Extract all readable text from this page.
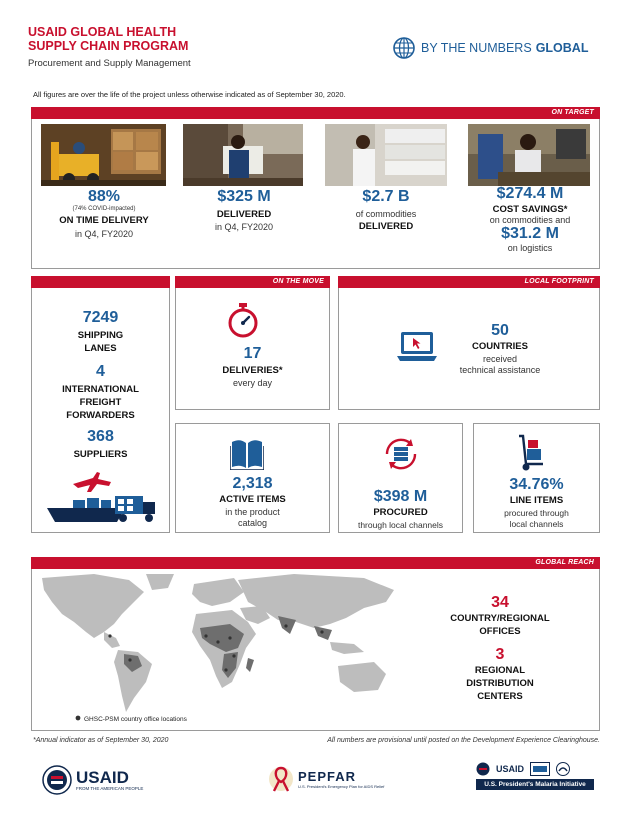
USAID GLOBAL HEALTH
SUPPLY CHAIN PROGRAM
Procurement and Supply Management
BY THE NUMBERS GLOBAL
All figures are over the life of the project unless otherwise indicated as of September 30, 2020.
ON TARGET
88%
(74% COVID-impacted)
ON TIME DELIVERY
in Q4, FY2020
$325 M
DELIVERED
in Q4, FY2020
$2.7 B
of commodities
DELIVERED
$274.4 M
COST SAVINGS*
on commodities and
$31.2 M
on logistics
7249
SHIPPING
LANES
4
INTERNATIONAL
FREIGHT
FORWARDERS
368
SUPPLIERS
ON THE MOVE
17
DELIVERIES*
every day
2,318
ACTIVE ITEMS
in the product
catalog
LOCAL FOOTPRINT
50
COUNTRIES
received
technical assistance
$398 M
PROCURED
through local channels
34.76%
LINE ITEMS
procured through
local channels
GLOBAL REACH
GHSC-PSM country office locations
34
COUNTRY/REGIONAL
OFFICES
3
REGIONAL
DISTRIBUTION
CENTERS
*Annual indicator as of September 30, 2020	All numbers are provisional until posted on the Development Experience Clearinghouse.
USAID
FROM THE AMERICAN PEOPLE
PEPFAR
U.S. President's Emergency Plan for AIDS Relief
USAID
U.S. President's Malaria Initiative
